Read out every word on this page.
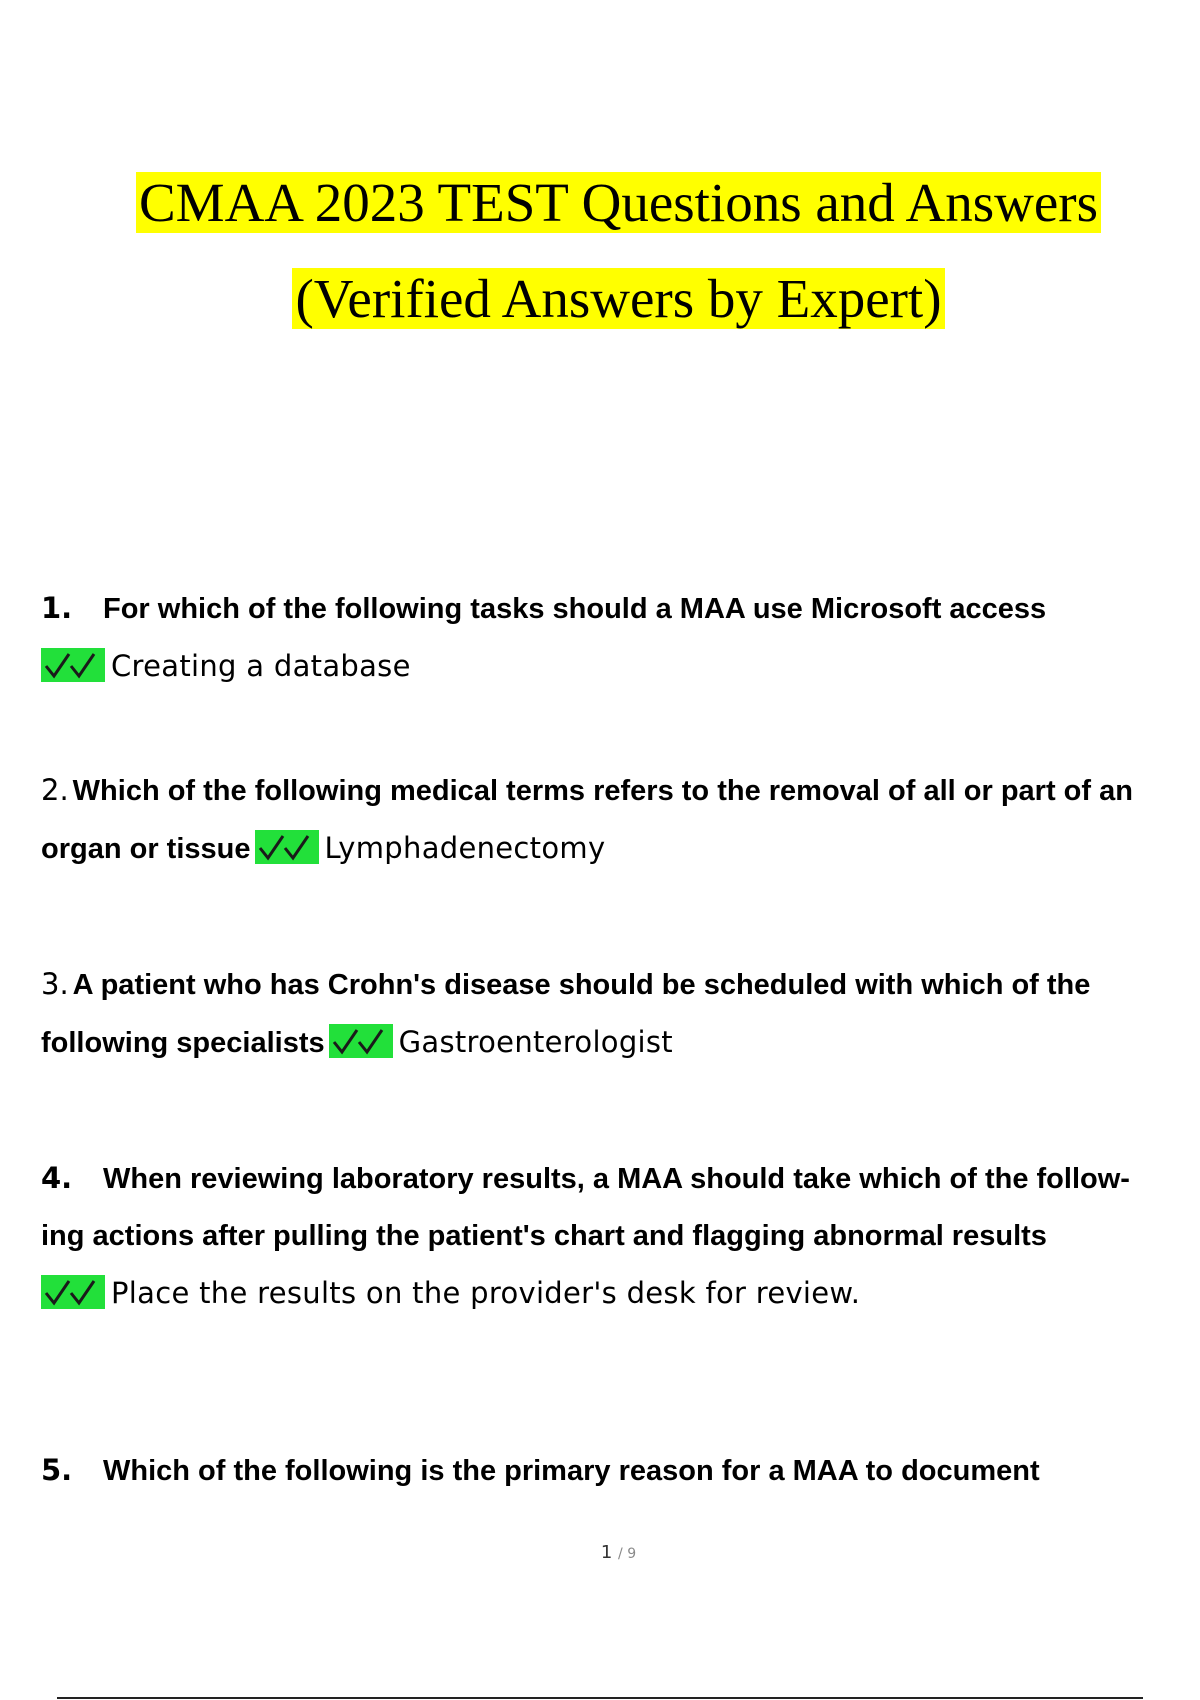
CMAA 2023 TEST Questions and Answers
(Verified Answers by Expert)
1. For which of the following tasks should a MAA use Microsoft access

Creating a database
2. Which of the following medical terms refers to the removal of all or part of an organ or tissue	Lymphadenectomy
3. A patient who has Crohn's disease should be scheduled with which of the following specialists	Gastroenterologist
4. When reviewing laboratory results, a MAA should take which of the follow- ing actions after pulling the patient's chart and flagging abnormal results

Place the results on the provider's desk for review.
5. Which of the following is the primary reason for a MAA to document
1 / 9
